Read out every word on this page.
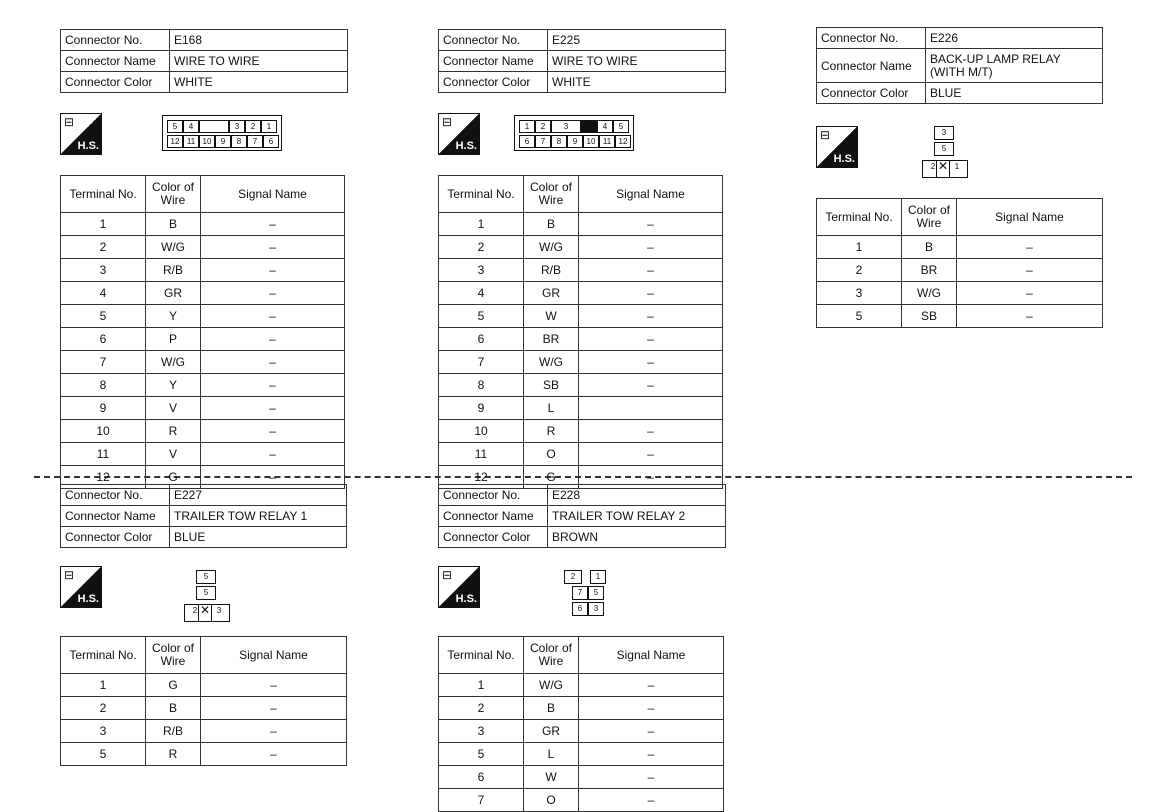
Connector No.	E168
Connector Name	WIRE TO WIRE
Connector Color	WHITE
Connector No.	E225
Connector Name	WIRE TO WIRE
Connector Color	WHITE
Connector No.	E226
Connector Name	BACK-UP LAMP RELAY (WITH M/T)
Connector Color	BLUE
Connector No.	E227
Connector Name	TRAILER TOW RELAY 1
Connector Color	BLUE
Connector No.	E228
Connector Name	TRAILER TOW RELAY 2
Connector Color	BROWN
⊟
H.S.
5	4	3	2	1
12 11 10	9	8	7	6
Terminal No.	Color of Wire	Signal Name
1	B	–
2	W/G	–
3	R/B	–
4	GR	–
5	Y	–
6	P	–
7	W/G	–
8	Y	–
9	V	–
10	R	–
11	V	–
12	G	–
⊟
H.S.
1	2	3	4	5
6	7	8	9	10 11 12
Terminal No.	Color of Wire	Signal Name
1	B	–
2	W/G	–
3	R/B	–
4	GR	–
5	W	–
6	BR	–
7	W/G	–
8	SB	–
9	L	
10	R	–
11	O	–
12	G	–
⊟
H.S.
3
5
2	1
✕
Terminal No.	Color of Wire	Signal Name
1	B	–
2	BR	–
3	W/G	–
5	SB	–
⊟
H.S.
5
5
2	3
✕
Terminal No.	Color of Wire	Signal Name
1	G	–
2	B	–
3	R/B	–
5	R	–
⊟
H.S.
2	1
7	5
6	3
Terminal No.	Color of Wire	Signal Name
1	W/G	–
2	B	–
3	GR	–
5	L	–
6	W	–
7	O	–
